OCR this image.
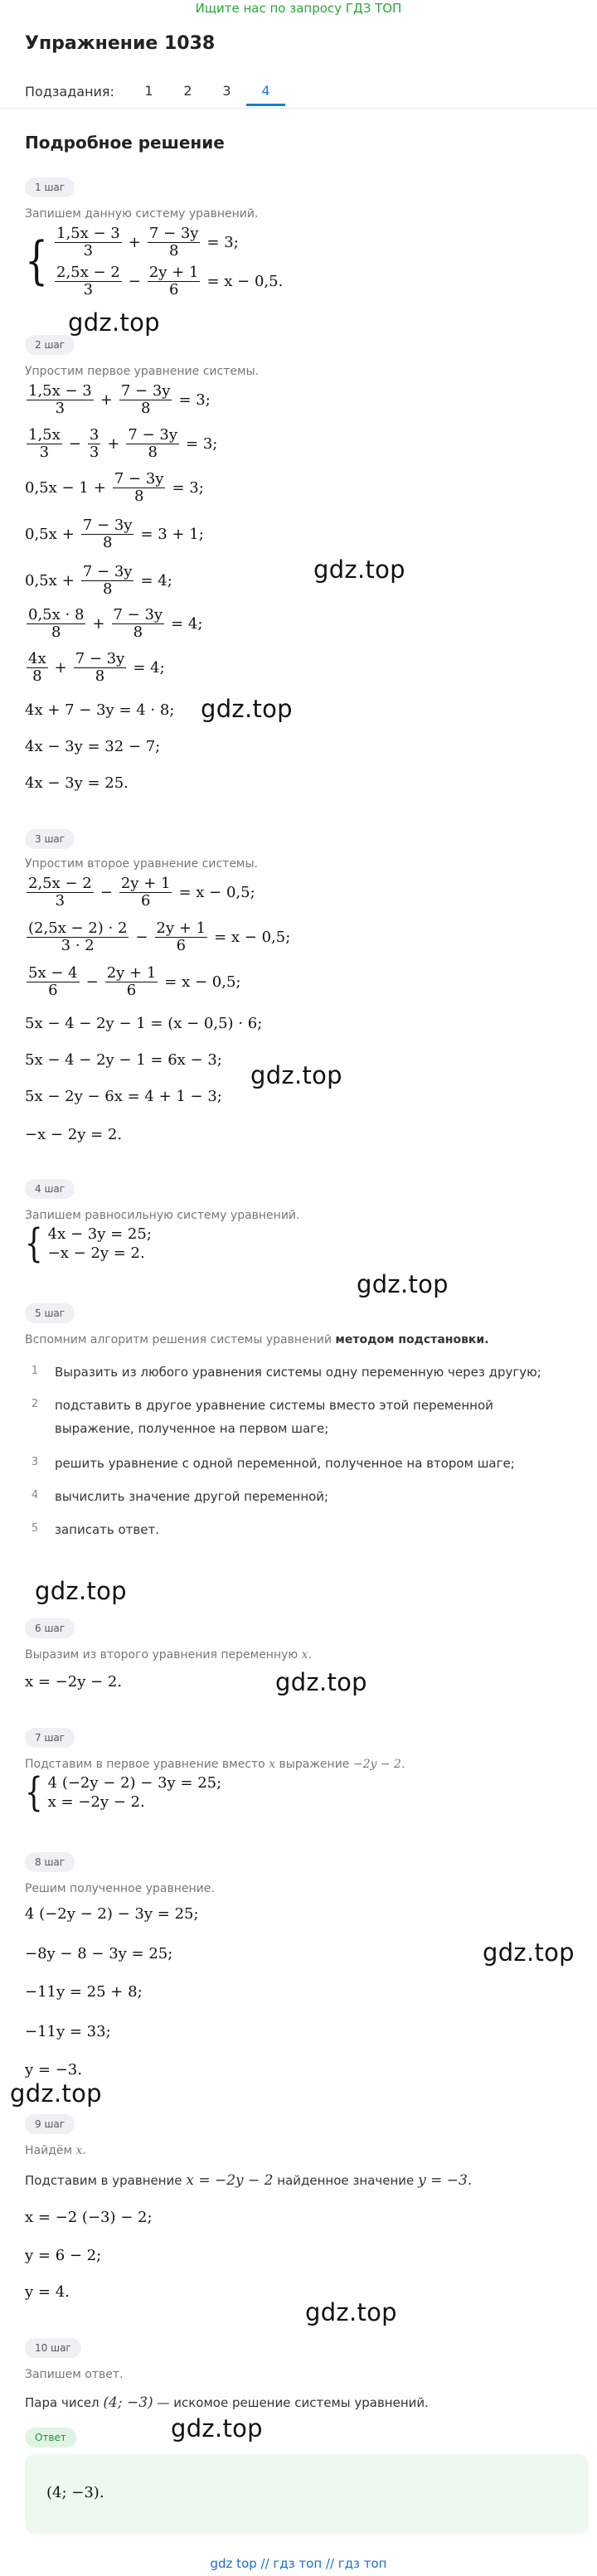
Ищите нас по запросу ГДЗ ТОП
Упражнение 1038
Подзадания:	1	2	3	4
Подробное решение
1 шаг
Запишем данную систему уравнений.
{ $\frac{1,5x - 3}{3} + \frac{7 - 3y}{8} = 3$;
$\frac{2,5x - 2}{3} - \frac{2y + 1}{6} = x - 0,5$.
gdz.top
2 шаг
Упростим первое уравнение системы.
$\frac{1,5x - 3}{3} + \frac{7 - 3y}{8} = 3$;
$\frac{1,5x}{3} - \frac{3}{3} + \frac{7 - 3y}{8} = 3$;
$0,5x - 1 + \frac{7 - 3y}{8} = 3$;
$0,5x + \frac{7 - 3y}{8} = 3 + 1$;
gdz.top
$0,5x + \frac{7 - 3y}{8} = 4$;
$\frac{0,5x \cdot 8}{8} + \frac{7 - 3y}{8} = 4$;
$\frac{4x}{8} + \frac{7 - 3y}{8} = 4$;
gdz.top
4x + 7 − 3y = 4 · 8;
4x − 3y = 32 − 7;
4x − 3y = 25.
3 шаг
Упростим второе уравнение системы.
$\frac{2,5x - 2}{3} - \frac{2y + 1}{6} = x - 0,5$;
$\frac{(2,5x - 2) \cdot 2}{3 \cdot 2} - \frac{2y + 1}{6} = x - 0,5$;
$\frac{5x - 4}{6} - \frac{2y + 1}{6} = x - 0,5$;
5x − 4 − 2y − 1 = (x − 0,5) · 6;
gdz.top
5x − 4 − 2y − 1 = 6x − 3;
5x − 2y − 6x = 4 + 1 − 3;
−x − 2y = 2.
4 шаг
Запишем равносильную систему уравнений.
{ 4x − 3y = 25;
−x − 2y = 2.
gdz.top
5 шаг
Вспомним алгоритм решения системы уравнений методом подстановки.
1	Выразить из любого уравнения системы одну переменную через другую;
2	подставить в другое уравнение системы вместо этой переменной
выражение, полученное на первом шаге;
3	решить уравнение с одной переменной, полученное на втором шаге;
4	вычислить значение другой переменной;
5	записать ответ.
gdz.top
6 шаг
Выразим из второго уравнения переменную x.
x = −2y − 2.	gdz.top
7 шаг
Подставим в первое уравнение вместо x выражение −2y − 2.
{ 4 (−2y − 2) − 3y = 25;
x = −2y − 2.
8 шаг
Решим полученное уравнение.
4 (−2y − 2) − 3y = 25;
−8y − 8 − 3y = 25;	gdz.top
−11y = 25 + 8;
−11y = 33;
y = −3.
gdz.top
9 шаг
Найдём x.
Подставим в уравнение x = −2y − 2 найденное значение y = −3.
x = −2 (−3) − 2;
y = 6 − 2;
y = 4.
gdz.top
10 шаг
Запишем ответ.
Пара чисел (4; −3) — искомое решение системы уравнений.
Ответ	gdz.top
(4; −3).
gdz top // гдз топ // гдз топ
